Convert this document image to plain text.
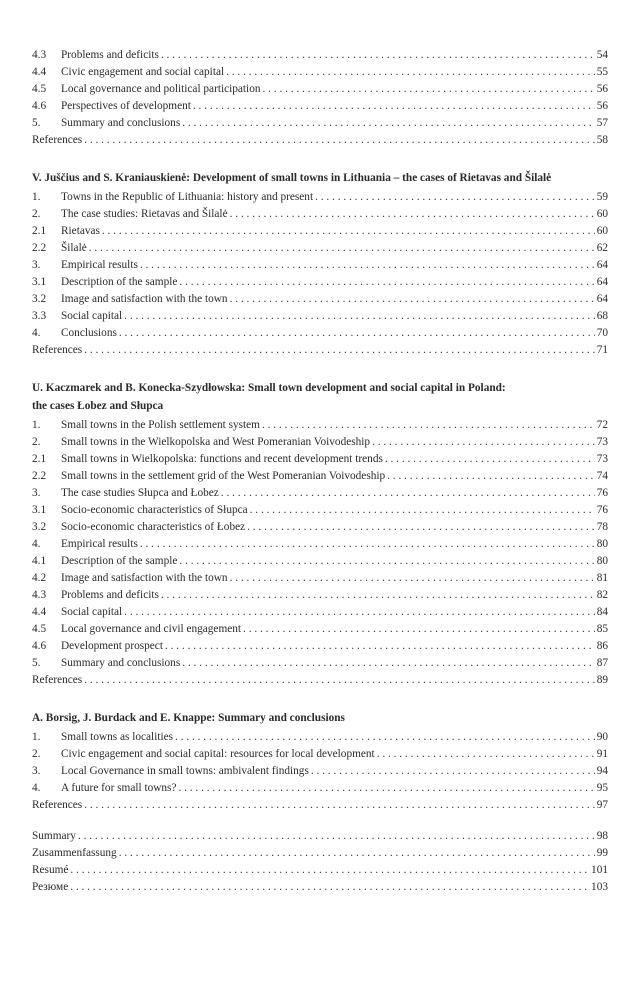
4.3	Problems and deficits . . .	54
4.4	Civic engagement and social capital . . .	55
4.5	Local governance and political participation . . .	56
4.6	Perspectives of development . . .	56
5.	Summary and conclusions . . .	57
References . . .	58
V. Juščius and S. Kraniauskienė: Development of small towns in Lithuania – the cases of Rietavas and Šilalė
1.	Towns in the Republic of Lithuania: history and present . . .	59
2.	The case studies: Rietavas and Šilalė . . .	60
2.1	Rietavas . . .	60
2.2	Šilalė . . .	62
3.	Empirical results . . .	64
3.1	Description of the sample . . .	64
3.2	Image and satisfaction with the town . . .	64
3.3	Social capital . . .	68
4.	Conclusions . . .	70
References . . .	71
U. Kaczmarek and B. Konecka-Szydłowska: Small town development and social capital in Poland:
the cases Łobez and Słupca
1.	Small towns in the Polish settlement system . . .	72
2.	Small towns in the Wielkopolska and West Pomeranian Voivodeship . . .	73
2.1	Small towns in Wielkopolska: functions and recent development trends . . .	73
2.2	Small towns in the settlement grid of the West Pomeranian Voivodeship . . .	74
3.	The case studies Słupca and Łobez . . .	76
3.1	Socio-economic characteristics of Słupca . . .	76
3.2	Socio-economic characteristics of Łobez . . .	78
4.	Empirical results . . .	80
4.1	Description of the sample . . .	80
4.2	Image and satisfaction with the town . . .	81
4.3	Problems and deficits . . .	82
4.4	Social capital . . .	84
4.5	Local governance and civil engagement . . .	85
4.6	Development prospect . . .	86
5.	Summary and conclusions . . .	87
References . . .	89
A. Borsig, J. Burdack and E. Knappe: Summary and conclusions
1.	Small towns as localities . . .	90
2.	Civic engagement and social capital: resources for local development . . .	91
3.	Local Governance in small towns: ambivalent findings . . .	94
4.	A future for small towns? . . .	95
References . . .	97
Summary . . .	98
Zusammenfassung . . .	99
Resumé . . .	101
Резюме . . .	103
